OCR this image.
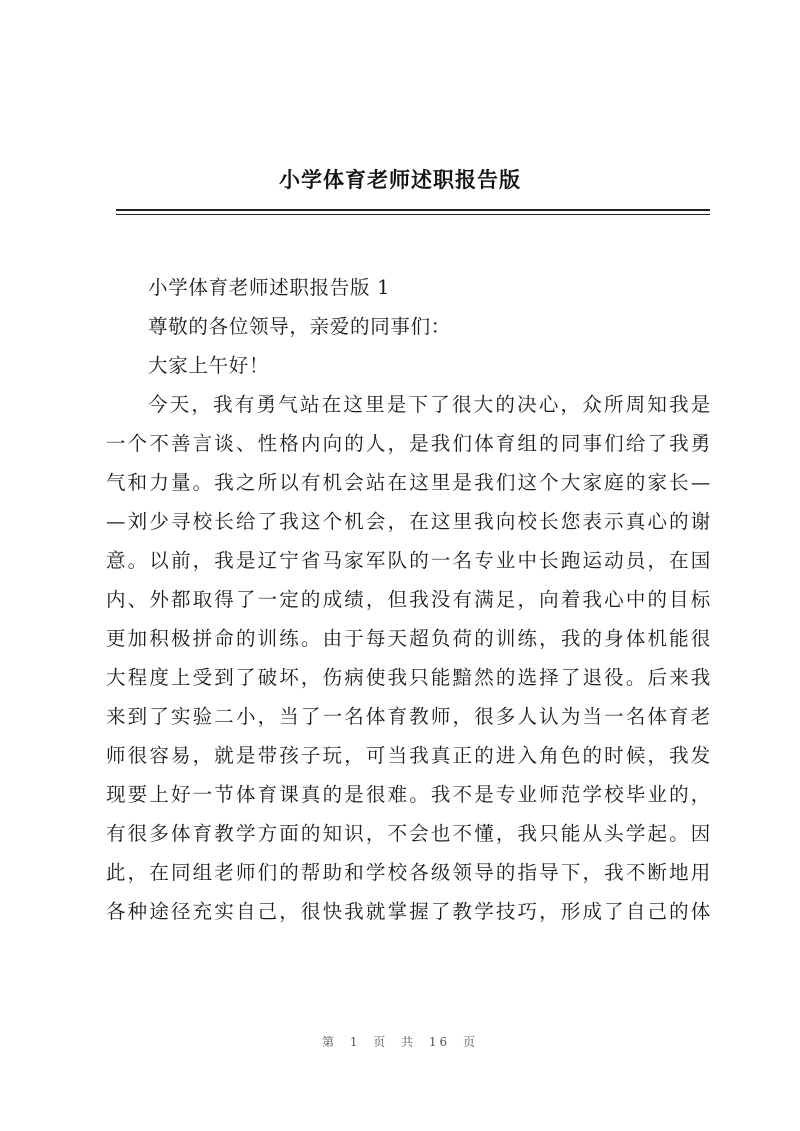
小学体育老师述职报告版
小学体育老师述职报告版 1
尊敬的各位领导，亲爱的同事们：
大家上午好！
今天，我有勇气站在这里是下了很大的决心，众所周知我是
一个不善言谈、性格内向的人，是我们体育组的同事们给了我勇
气和力量。我之所以有机会站在这里是我们这个大家庭的家长—
—刘少寻校长给了我这个机会，在这里我向校长您表示真心的谢
意。以前，我是辽宁省马家军队的一名专业中长跑运动员，在国
内、外都取得了一定的成绩，但我没有满足，向着我心中的目标
更加积极拼命的训练。由于每天超负荷的训练，我的身体机能很
大程度上受到了破坏，伤病使我只能黯然的选择了退役。后来我
来到了实验二小，当了一名体育教师，很多人认为当一名体育老
师很容易，就是带孩子玩，可当我真正的进入角色的时候，我发
现要上好一节体育课真的是很难。我不是专业师范学校毕业的，
有很多体育教学方面的知识，不会也不懂，我只能从头学起。因
此，在同组老师们的帮助和学校各级领导的指导下，我不断地用
各种途径充实自己，很快我就掌握了教学技巧，形成了自己的体
第 1 页 共 16 页
